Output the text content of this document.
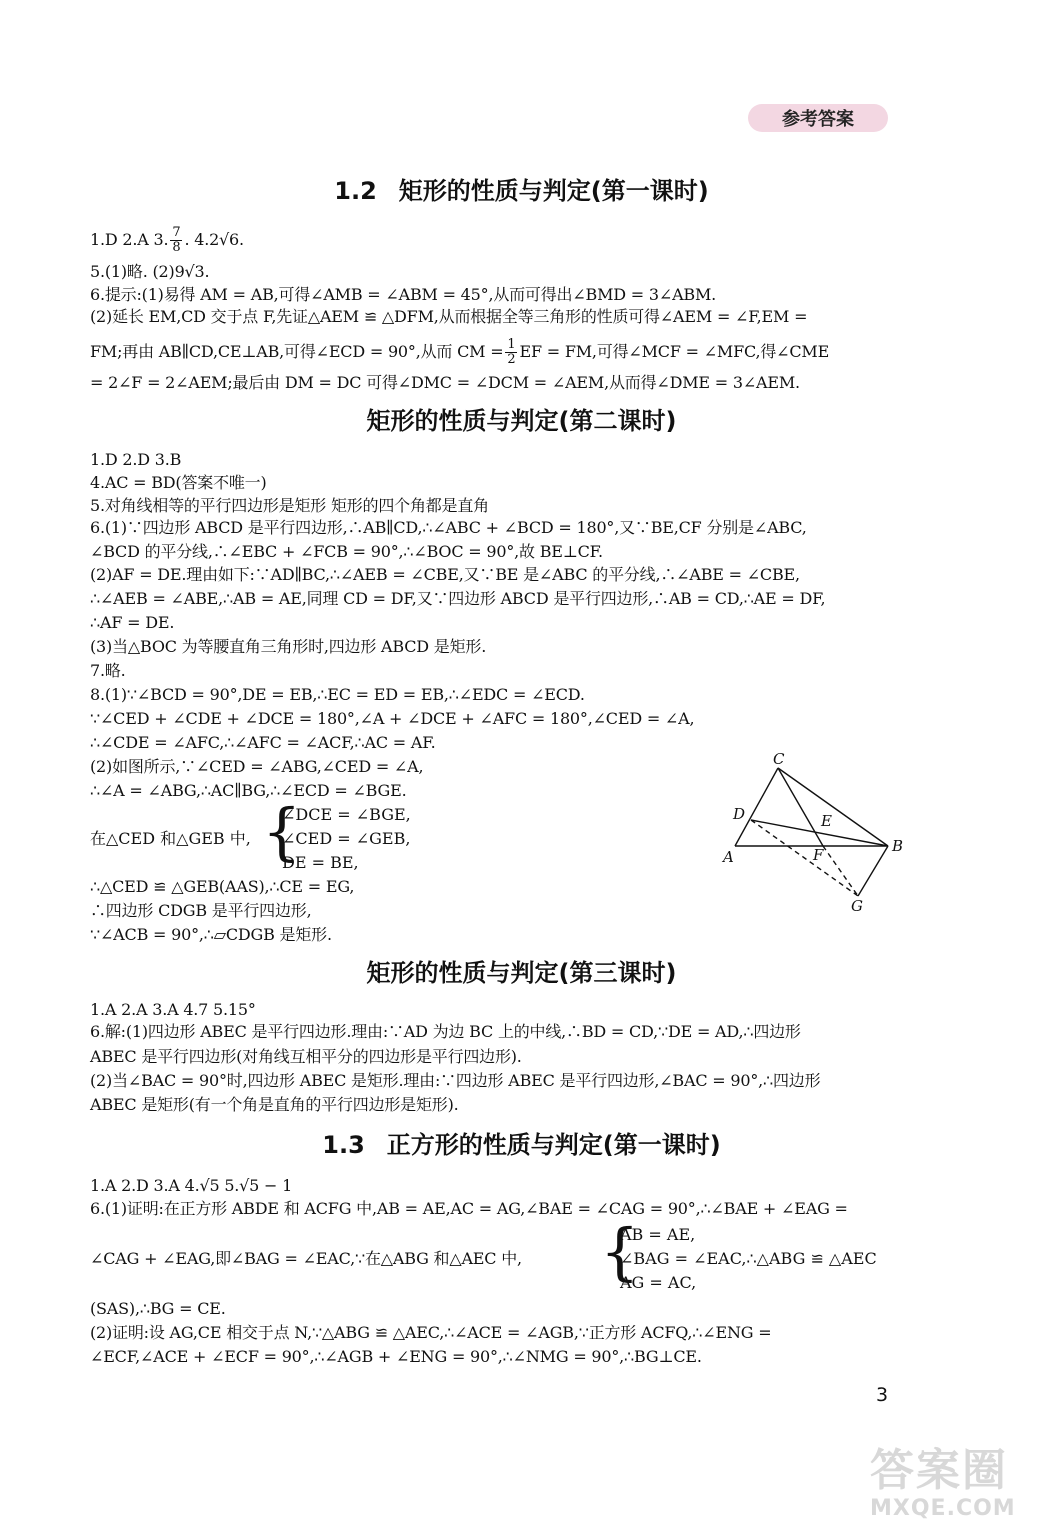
参考答案
1.2 矩形的性质与判定(第一课时)
1.D 2.A 3. $\frac{7}{8}$ . 4.2√6.
5.(1)略. (2)9√3.
6.提示:(1)易得 AM = AB,可得∠AMB = ∠ABM = 45°,从而可得出∠BMD = 3∠ABM.
(2)延长 EM,CD 交于点 F,先证△AEM ≌ △DFM,从而根据全等三角形的性质可得∠AEM = ∠F,EM =
FM;再由 AB∥CD,CE⊥AB,可得∠ECD = 90°,从而 CM = $\frac{1}{2}$ EF = FM,可得∠MCF = ∠MFC,得∠CME
= 2∠F = 2∠AEM;最后由 DM = DC 可得∠DMC = ∠DCM = ∠AEM,从而得∠DME = 3∠AEM.
矩形的性质与判定(第二课时)
1.D 2.D 3.B
4.AC = BD(答案不唯一)
5.对角线相等的平行四边形是矩形 矩形的四个角都是直角
6.(1)∵四边形 ABCD 是平行四边形,∴AB∥CD,∴∠ABC + ∠BCD = 180°,又∵BE,CF 分别是∠ABC,
∠BCD 的平分线,∴∠EBC + ∠FCB = 90°,∴∠BOC = 90°,故 BE⊥CF.
(2)AF = DE.理由如下:∵AD∥BC,∴∠AEB = ∠CBE,又∵BE 是∠ABC 的平分线,∴∠ABE = ∠CBE,
∴∠AEB = ∠ABE,∴AB = AE,同理 CD = DF,又∵四边形 ABCD 是平行四边形,∴AB = CD,∴AE = DF,
∴AF = DE.
(3)当△BOC 为等腰直角三角形时,四边形 ABCD 是矩形.
7.略.
8.(1)∵∠BCD = 90°,DE = EB,∴EC = ED = EB,∴∠EDC = ∠ECD.
∵∠CED + ∠CDE + ∠DCE = 180°,∠A + ∠DCE + ∠AFC = 180°,∠CED = ∠A,
∴∠CDE = ∠AFC,∴∠AFC = ∠ACF,∴AC = AF.
(2)如图所示,∵∠CED = ∠ABG,∠CED = ∠A,
∴∠A = ∠ABG,∴AC∥BG,∴∠ECD = ∠BGE.
在△CED 和△GEB 中, {
∠DCE = ∠BGE,
∠CED = ∠GEB,
DE = BE,
∴△CED ≌ △GEB(AAS),∴CE = EG,
∴四边形 CDGB 是平行四边形,
∵∠ACB = 90°,∴▱CDGB 是矩形.
C
D	E
A	F	B
G
矩形的性质与判定(第三课时)
1.A 2.A 3.A 4.7 5.15°
6.解:(1)四边形 ABEC 是平行四边形.理由:∵AD 为边 BC 上的中线,∴BD = CD,∵DE = AD,∴四边形
ABEC 是平行四边形(对角线互相平分的四边形是平行四边形).
(2)当∠BAC = 90°时,四边形 ABEC 是矩形.理由:∵四边形 ABEC 是平行四边形,∠BAC = 90°,∴四边形
ABEC 是矩形(有一个角是直角的平行四边形是矩形).
1.3 正方形的性质与判定(第一课时)
1.A 2.D 3.A 4.√5 5.√5 − 1
6.(1)证明:在正方形 ABDE 和 ACFG 中,AB = AE,AC = AG,∠BAE = ∠CAG = 90°,∴∠BAE + ∠EAG =
∠CAG + ∠EAG,即∠BAG = ∠EAC,∵在△ABG 和△AEC 中,	{
AB = AE,
∠BAG = ∠EAC,∴△ABG ≌ △AEC
AG = AC,
(SAS),∴BG = CE.
(2)证明:设 AG,CE 相交于点 N,∵△ABG ≌ △AEC,∴∠ACE = ∠AGB,∵正方形 ACFQ,∴∠ENG =
∠ECF,∠ACE + ∠ECF = 90°,∴∠AGB + ∠ENG = 90°,∴∠NMG = 90°,∴BG⊥CE.
3
答案圈
MXQE.COM
